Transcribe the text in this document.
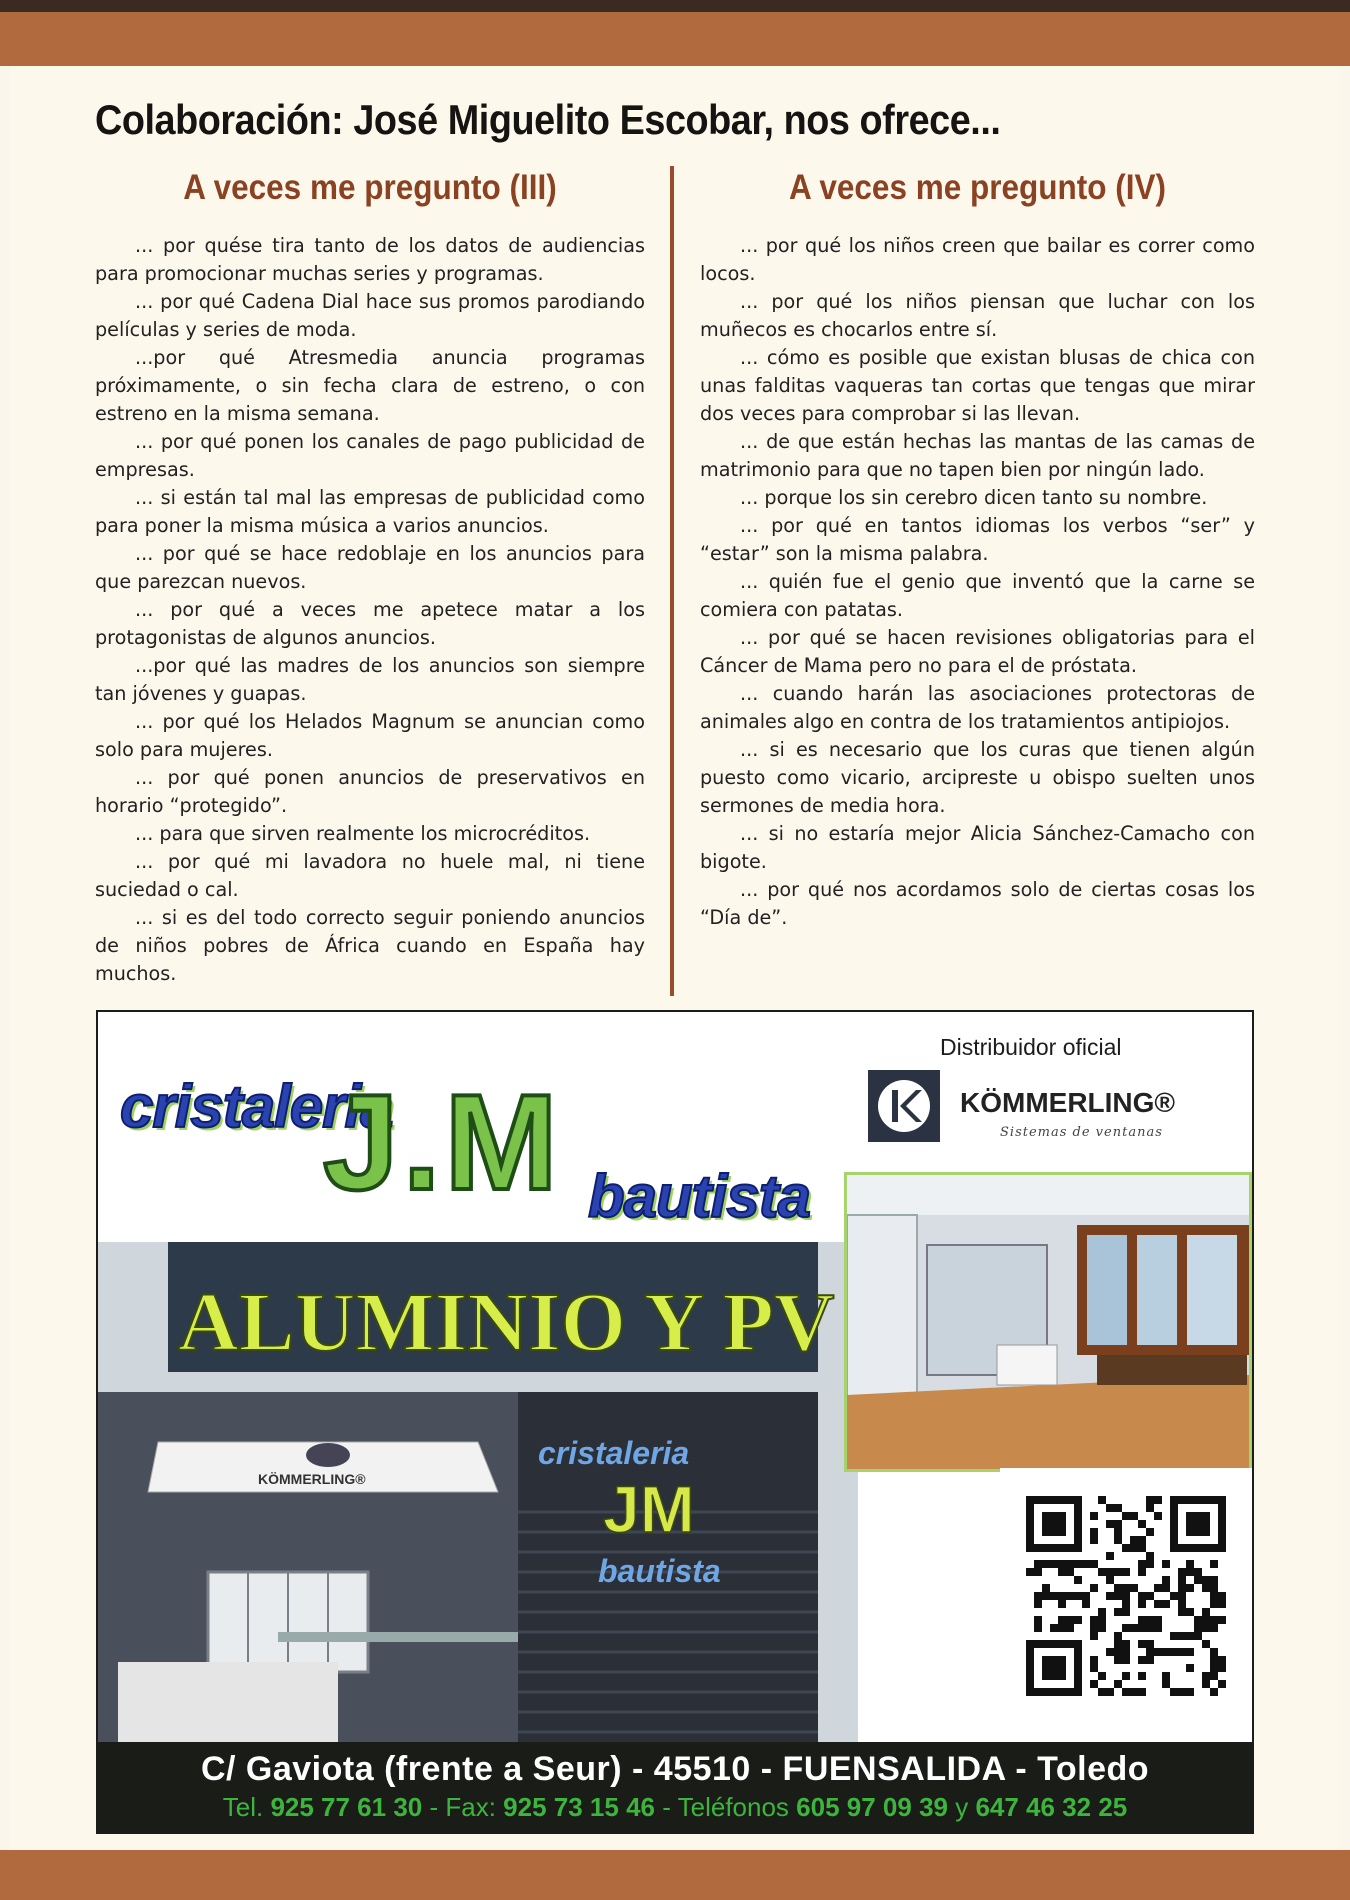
Colaboración: José Miguelito Escobar, nos ofrece...
A veces me pregunto (III)

... por quése tira tanto de los datos de audiencias para promocionar muchas series y programas.

... por qué Cadena Dial hace sus promos parodiando películas y series de moda.

...por qué Atresmedia anuncia programas próximamente, o sin fecha clara de estreno, o con estreno en la misma semana.

... por qué ponen los canales de pago publicidad de empresas.

... si están tal mal las empresas de publicidad como para poner la misma música a varios anuncios.

... por qué se hace redoblaje en los anuncios para que parezcan nuevos.

... por qué a veces me apetece matar a los protagonistas de algunos anuncios.

...por qué las madres de los anuncios son siempre tan jóvenes y guapas.

... por qué los Helados Magnum se anuncian como solo para mujeres.

... por qué ponen anuncios de preservativos en horario “protegido”.

... para que sirven realmente los microcréditos.

... por qué mi lavadora no huele mal, ni tiene suciedad o cal.

... si es del todo correcto seguir poniendo anuncios de niños pobres de África cuando en España hay muchos.

A veces me pregunto (IV)

... por qué los niños creen que bailar es correr como locos.

... por qué los niños piensan que luchar con los muñecos es chocarlos entre sí.

... cómo es posible que existan blusas de chica con unas falditas vaqueras tan cortas que tengas que mirar dos veces para comprobar si las llevan.

... de que están hechas las mantas de las camas de matrimonio para que no tapen bien por ningún lado.

... porque los sin cerebro dicen tanto su nombre.

... por qué en tantos idiomas los verbos “ser” y “estar” son la misma palabra.

... quién fue el genio que inventó que la carne se comiera con patatas.

... por qué se hacen revisiones obligatorias para el Cáncer de Mama pero no para el de próstata.

... cuando harán las asociaciones protectoras de animales algo en contra de los tratamientos antipiojos.

... si es necesario que los curas que tienen algún puesto como vicario, arcipreste u obispo suelten unos sermones de media hora.

... si no estaría mejor Alicia Sánchez-Camacho con bigote.

... por qué nos acordamos solo de ciertas cosas los “Día de”.

ALUMINIO Y PV
KÖMMERLING®
cristaleria
JM
bautista
cristaleria
J.M bautista
Distribuidor oficial
KÖMMERLING®
Sistemas de ventanas
C/ Gaviota (frente a Seur) - 45510 - FUENSALIDA - Toledo
Tel. 925 77 61 30 - Fax: 925 73 15 46 - Teléfonos 605 97 09 39 y 647 46 32 25
